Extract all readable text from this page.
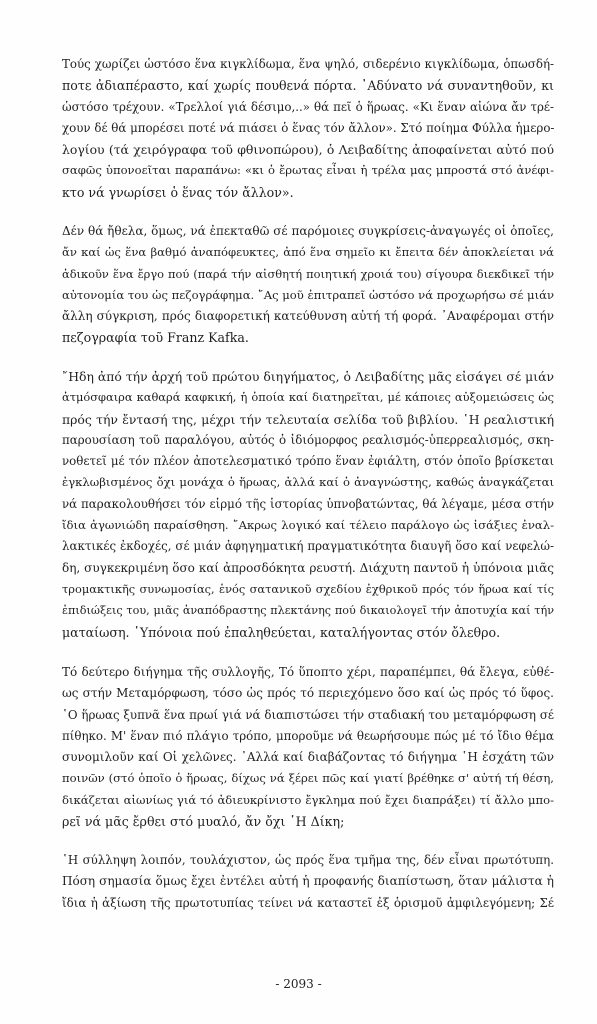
Τούς χωρίζει ὡστόσο ἕνα κιγκλίδωμα, ἕνα ψηλό, σιδερένιο κιγκλίδωμα, ὁπωσδή-
ποτε ἀδιαπέραστο, καί χωρίς πουθενά πόρτα. ᾿Αδύνατο νά συναντηθοῦν, κι
ὡστόσο τρέχουν. «Τρελλοί γιά δέσιμο,..» θά πεῖ ὁ ἥρωας. «Κι ἕναν αἰώνα ἄν τρέ-
χουν δέ θά μπορέσει ποτέ νά πιάσει ὁ ἕνας τόν ἄλλον». Στό ποίημα Φύλλα ἡμερο-
λογίου (τά χειρόγραφα τοῦ φθινοπώρου), ὁ Λειβαδίτης ἀποφαίνεται αὐτό πού
σαφῶς ὑπονοεῖται παραπάνω: «κι ὁ ἔρωτας εἶναι ἡ τρέλα μας μπροστά στό ἀνέφι-
κτο νά γνωρίσει ὁ ἕνας τόν ἄλλον».
Δέν θά ἤθελα, ὅμως, νά ἐπεκταθῶ σέ παρόμοιες συγκρίσεις-ἀναγωγές οἱ ὁποῖες,
ἄν καί ὡς ἕνα βαθμό ἀναπόφευκτες, ἀπό ἕνα σημεῖο κι ἔπειτα δέν ἀποκλείεται νά
ἀδικοῦν ἕνα ἔργο πού (παρά τήν αἰσθητή ποιητική χροιά του) σίγουρα διεκδικεῖ τήν
αὐτονομία του ὡς πεζογράφημα. ῎Ας μοῦ ἐπιτραπεῖ ὡστόσο νά προχωρήσω σέ μιάν
ἄλλη σύγκριση, πρός διαφορετική κατεύθυνση αὐτή τή φορά. ᾿Αναφέρομαι στήν
πεζογραφία τοῦ Franz Kafka.
῎Ηδη ἀπό τήν ἀρχή τοῦ πρώτου διηγήματος, ὁ Λειβαδίτης μᾶς εἰσάγει σέ μιάν
ἀτμόσφαιρα καθαρά καφκική, ἡ ὁποία καί διατηρεῖται, μέ κάποιες αὐξομειώσεις ὡς
πρός τήν ἔντασή της, μέχρι τήν τελευταία σελίδα τοῦ βιβλίου. ῾Η ρεαλιστική
παρουσίαση τοῦ παραλόγου, αὐτός ὁ ἰδιόμορφος ρεαλισμός-ὑπερρεαλισμός, σκη-
νοθετεῖ μέ τόν πλέον ἀποτελεσματικό τρόπο ἕναν ἐφιάλτη, στόν ὁποῖο βρίσκεται
ἐγκλωβισμένος ὄχι μονάχα ὁ ἥρωας, ἀλλά καί ὁ ἀναγνώστης, καθώς ἀναγκάζεται
νά παρακολουθήσει τόν εἱρμό τῆς ἱστορίας ὑπνοβατώντας, θά λέγαμε, μέσα στήν
ἴδια ἀγωνιώδη παραίσθηση. ῎Ακρως λογικό καί τέλειο παράλογο ὡς ἰσάξιες ἐναλ-
λακτικές ἐκδοχές, σέ μιάν ἀφηγηματική πραγματικότητα διαυγῆ ὅσο καί νεφελώ-
δη, συγκεκριμένη ὅσο καί ἀπροσδόκητα ρευστή. Διάχυτη παντοῦ ἡ ὑπόνοια μιᾶς
τρομακτικῆς συνωμοσίας, ἑνός σατανικοῦ σχεδίου ἐχθρικοῦ πρός τόν ἥρωα καί τίς
ἐπιδιώξεις του, μιᾶς ἀναπόδραστης πλεκτάνης πού δικαιολογεῖ τήν ἀποτυχία καί τήν
ματαίωση. ῾Υπόνοια πού ἐπαληθεύεται, καταλήγοντας στόν ὄλεθρο.
Τό δεύτερο διήγημα τῆς συλλογῆς, Τό ὕποπτο χέρι, παραπέμπει, θά ἔλεγα, εὐθέ-
ως στήν Μεταμόρφωση, τόσο ὡς πρός τό περιεχόμενο ὅσο καί ὡς πρός τό ὕφος.
῾Ο ἥρωας ξυπνᾶ ἕνα πρωί γιά νά διαπιστώσει τήν σταδιακή του μεταμόρφωση σέ
πίθηκο. Μ' ἕναν πιό πλάγιο τρόπο, μποροῦμε νά θεωρήσουμε πώς μέ τό ἴδιο θέμα
συνομιλοῦν καί Οἱ χελῶνες. ᾿Αλλά καί διαβάζοντας τό διήγημα ῾Η ἐσχάτη τῶν
ποινῶν (στό ὁποῖο ὁ ἥρωας, δίχως νά ξέρει πῶς καί γιατί βρέθηκε σ' αὐτή τή θέση,
δικάζεται αἰωνίως γιά τό ἀδιευκρίνιστο ἔγκλημα πού ἔχει διαπράξει) τί ἄλλο μπο-
ρεῖ νά μᾶς ἔρθει στό μυαλό, ἄν ὄχι ῾Η Δίκη;
῾Η σύλληψη λοιπόν, τουλάχιστον, ὡς πρός ἕνα τμῆμα της, δέν εἶναι πρωτότυπη.
Πόση σημασία ὅμως ἔχει ἐντέλει αὐτή ἡ προφανής διαπίστωση, ὅταν μάλιστα ἡ
ἴδια ἡ ἀξίωση τῆς πρωτοτυπίας τείνει νά καταστεῖ ἐξ ὁρισμοῦ ἀμφιλεγόμενη; Σέ
- 2093 -
